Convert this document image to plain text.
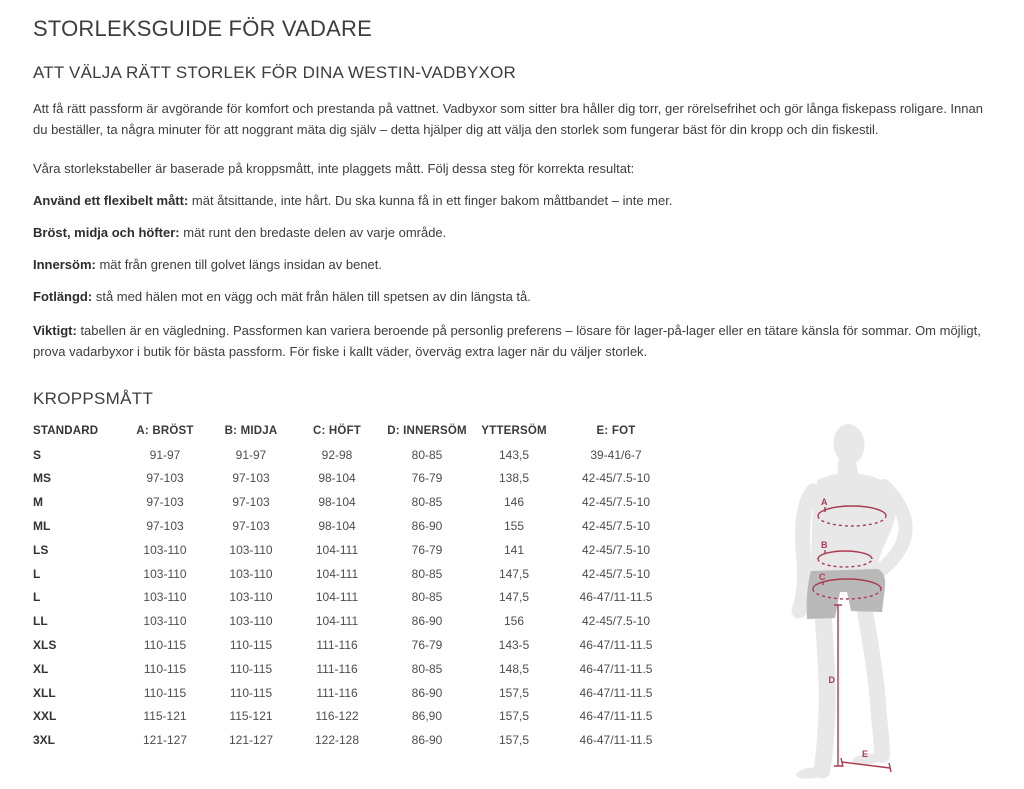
STORLEKSGUIDE FÖR VADARE
ATT VÄLJA RÄTT STORLEK FÖR DINA WESTIN-VADBYXOR

Att få rätt passform är avgörande för komfort och prestanda på vattnet. Vadbyxor som sitter bra håller dig torr, ger rörelsefrihet och gör långa fiskepass roligare. Innan du beställer, ta några minuter för att noggrant mäta dig själv – detta hjälper dig att välja den storlek som fungerar bäst för din kropp och din fiskestil.

Våra storlekstabeller är baserade på kroppsmått, inte plaggets mått. Följ dessa steg för korrekta resultat:

Använd ett flexibelt mått: mät åtsittande, inte hårt. Du ska kunna få in ett finger bakom måttbandet – inte mer.

Bröst, midja och höfter: mät runt den bredaste delen av varje område.

Innersöm: mät från grenen till golvet längs insidan av benet.

Fotlängd: stå med hälen mot en vägg och mät från hälen till spetsen av din längsta tå.

Viktigt: tabellen är en vägledning. Passformen kan variera beroende på personlig preferens – lösare för lager-på-lager eller en tätare känsla för sommar. Om möjligt, prova vadarbyxor i butik för bästa passform. För fiske i kallt väder, överväg extra lager när du väljer storlek.

KROPPSMÅTT
STANDARD	A: BRÖST	B: MIDJA	C: HÖFT	D: INNERSÖM	YTTERSÖM	E: FOT
S	91-97	91-97	92-98	80-85	143,5	39-41/6-7
MS	97-103	97-103	98-104	76-79	138,5	42-45/7.5-10
M	97-103	97-103	98-104	80-85	146	42-45/7.5-10
ML	97-103	97-103	98-104	86-90	155	42-45/7.5-10
LS	103-110	103-110	104-111	76-79	141	42-45/7.5-10
L	103-110	103-110	104-111	80-85	147,5	42-45/7.5-10
L	103-110	103-110	104-111	80-85	147,5	46-47/11-11.5
LL	103-110	103-110	104-111	86-90	156	42-45/7.5-10
XLS	110-115	110-115	111-116	76-79	143-5	46-47/11-11.5
XL	110-115	110-115	111-116	80-85	148,5	46-47/11-11.5
XLL	110-115	110-115	111-116	86-90	157,5	46-47/11-11.5
XXL	115-121	115-121	116-122	86,90	157,5	46-47/11-11.5
3XL	121-127	121-127	122-128	86-90	157,5	46-47/11-11.5
A
B
C
D
E
